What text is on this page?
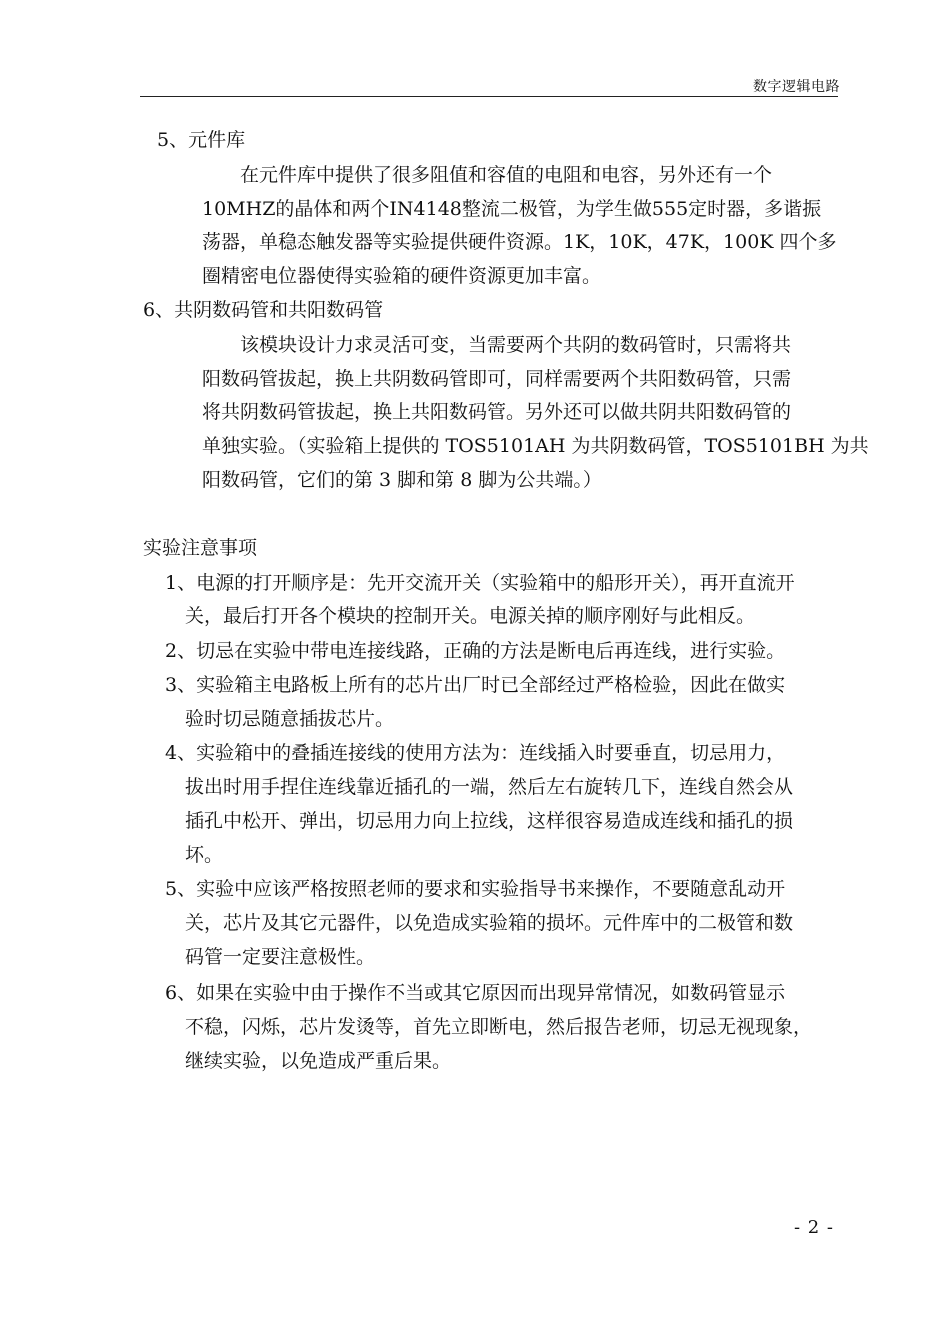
数字逻辑电路
5、元件库
在元件库中提供了很多阻值和容值的电阻和电容，另外还有一个
10MHZ的晶体和两个IN4148整流二极管，为学生做555定时器，多谐振
荡器，单稳态触发器等实验提供硬件资源。1K，10K，47K，100K 四个多
圈精密电位器使得实验箱的硬件资源更加丰富。
6、共阴数码管和共阳数码管
该模块设计力求灵活可变，当需要两个共阴的数码管时，只需将共
阳数码管拔起，换上共阴数码管即可，同样需要两个共阳数码管，只需
将共阴数码管拔起，换上共阳数码管。另外还可以做共阴共阳数码管的
单独实验。（实验箱上提供的 TOS5101AH 为共阴数码管，TOS5101BH 为共
阳数码管，它们的第 3 脚和第 8 脚为公共端。）
实验注意事项
1、电源的打开顺序是：先开交流开关（实验箱中的船形开关），再开直流开
关，最后打开各个模块的控制开关。电源关掉的顺序刚好与此相反。
2、切忌在实验中带电连接线路，正确的方法是断电后再连线，进行实验。
3、实验箱主电路板上所有的芯片出厂时已全部经过严格检验，因此在做实
验时切忌随意插拔芯片。
4、实验箱中的叠插连接线的使用方法为：连线插入时要垂直，切忌用力，
拔出时用手捏住连线靠近插孔的一端，然后左右旋转几下，连线自然会从
插孔中松开、弹出，切忌用力向上拉线，这样很容易造成连线和插孔的损
坏。
5、实验中应该严格按照老师的要求和实验指导书来操作，不要随意乱动开
关，芯片及其它元器件，以免造成实验箱的损坏。元件库中的二极管和数
码管一定要注意极性。
6、如果在实验中由于操作不当或其它原因而出现异常情况，如数码管显示
不稳，闪烁，芯片发烫等，首先立即断电，然后报告老师，切忌无视现象，
继续实验，以免造成严重后果。
- 2 -
